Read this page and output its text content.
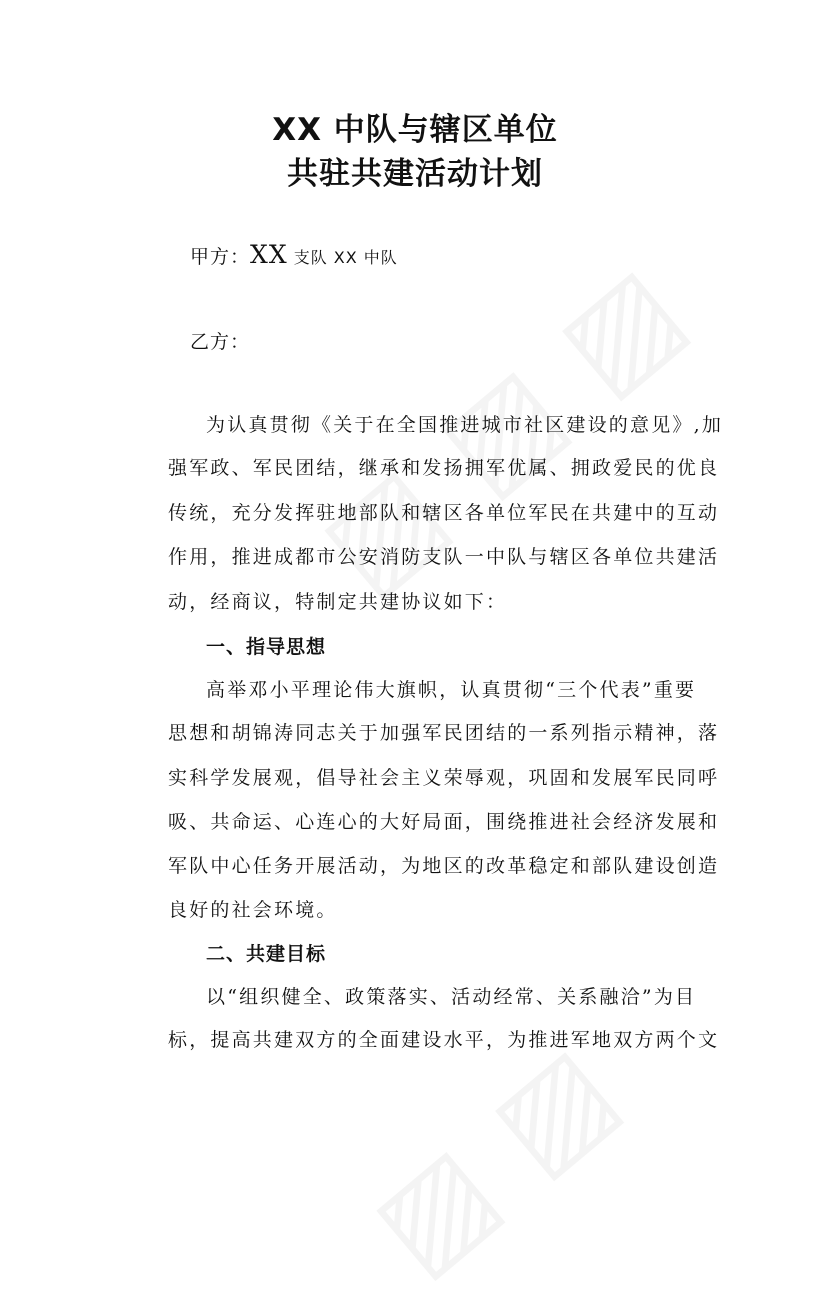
XX 中队与辖区单位
共驻共建活动计划
甲方：XX 支队 XX 中队
乙方：
为认真贯彻《关于在全国推进城市社区建设的意见》,加
强军政、军民团结，继承和发扬拥军优属、拥政爱民的优良
传统，充分发挥驻地部队和辖区各单位军民在共建中的互动
作用，推进成都市公安消防支队一中队与辖区各单位共建活
动，经商议，特制定共建协议如下：
一、指导思想
高举邓小平理论伟大旗帜，认真贯彻“三个代表”重要
思想和胡锦涛同志关于加强军民团结的一系列指示精神，落
实科学发展观，倡导社会主义荣辱观，巩固和发展军民同呼
吸、共命运、心连心的大好局面，围绕推进社会经济发展和
军队中心任务开展活动，为地区的改革稳定和部队建设创造
良好的社会环境。
二、共建目标
以“组织健全、政策落实、活动经常、关系融洽”为目
标，提高共建双方的全面建设水平，为推进军地双方两个文
